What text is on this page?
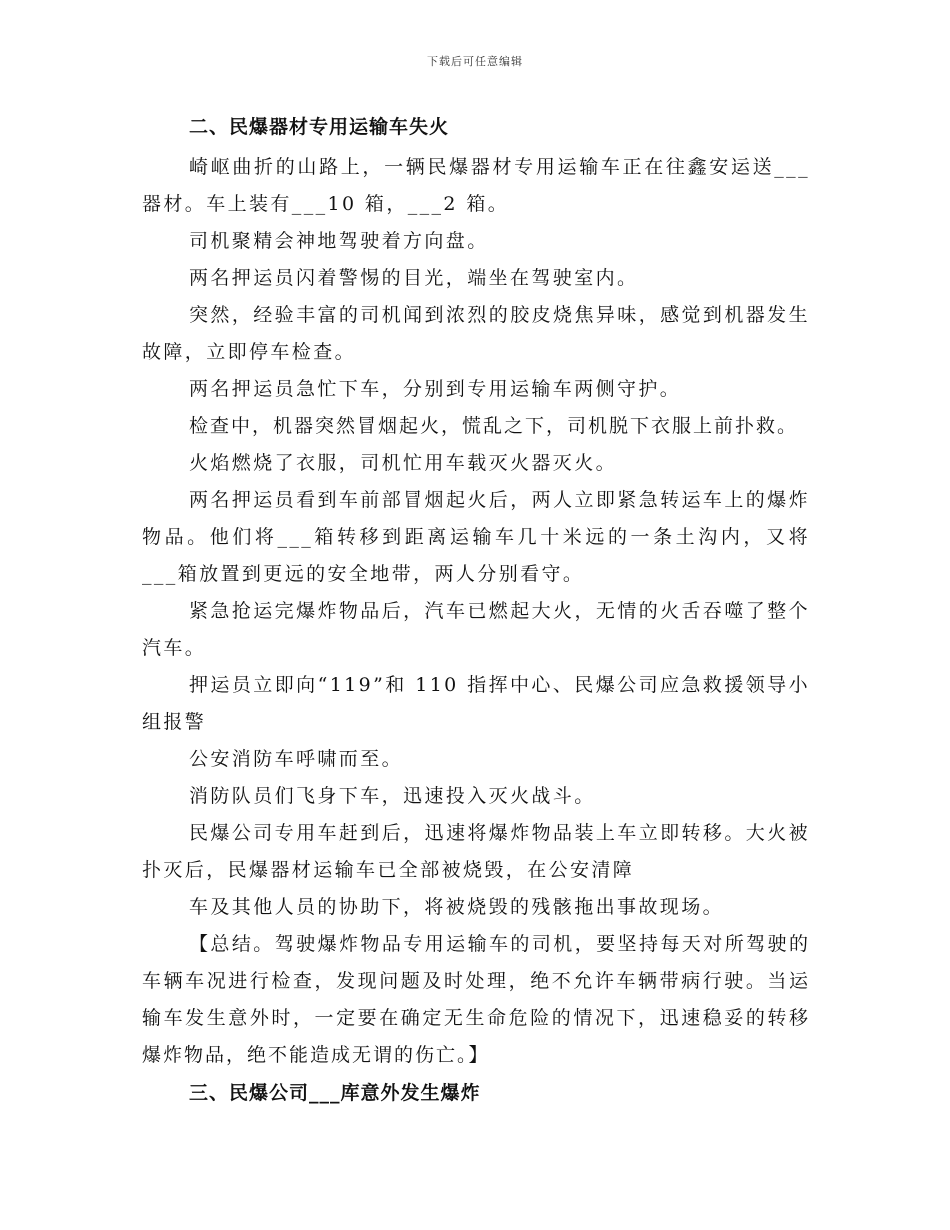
下载后可任意编辑
二、民爆器材专用运输车失火

崎岖曲折的山路上，一辆民爆器材专用运输车正在往鑫安运送___器材。车上装有___10 箱，___2 箱。

司机聚精会神地驾驶着方向盘。

两名押运员闪着警惕的目光，端坐在驾驶室内。

突然，经验丰富的司机闻到浓烈的胶皮烧焦异味，感觉到机器发生故障，立即停车检查。

两名押运员急忙下车，分别到专用运输车两侧守护。

检查中，机器突然冒烟起火，慌乱之下，司机脱下衣服上前扑救。

火焰燃烧了衣服，司机忙用车载灭火器灭火。

两名押运员看到车前部冒烟起火后，两人立即紧急转运车上的爆炸物品。他们将___箱转移到距离运输车几十米远的一条土沟内，又将___箱放置到更远的安全地带，两人分别看守。

紧急抢运完爆炸物品后，汽车已燃起大火，无情的火舌吞噬了整个汽车。

押运员立即向“119”和 110 指挥中心、民爆公司应急救援领导小组报警

公安消防车呼啸而至。

消防队员们飞身下车，迅速投入灭火战斗。

民爆公司专用车赶到后，迅速将爆炸物品装上车立即转移。大火被扑灭后，民爆器材运输车已全部被烧毁，在公安清障

车及其他人员的协助下，将被烧毁的残骸拖出事故现场。

【总结。驾驶爆炸物品专用运输车的司机，要坚持每天对所驾驶的车辆车况进行检查，发现问题及时处理，绝不允许车辆带病行驶。当运输车发生意外时，一定要在确定无生命危险的情况下，迅速稳妥的转移爆炸物品，绝不能造成无谓的伤亡。】

三、民爆公司___库意外发生爆炸
